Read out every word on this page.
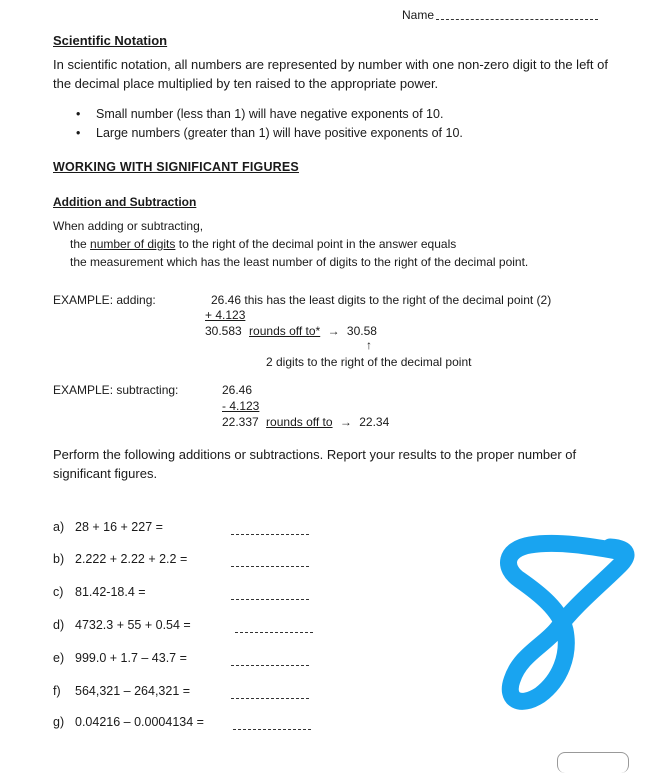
Name
Scientific Notation
In scientific notation, all numbers are represented by number with one non-zero digit to the left of the decimal place multiplied by ten raised to the appropriate power.
• Small number (less than 1) will have negative exponents of 10.
• Large numbers (greater than 1) will have positive exponents of 10.
WORKING WITH SIGNIFICANT FIGURES
Addition and Subtraction
When adding or subtracting,
the number of digits to the right of the decimal point in the answer equals
the measurement which has the least number of digits to the right of the decimal point.
EXAMPLE: adding:	26.46 this has the least digits to the right of the decimal point (2)
+ 4.123
30.583 rounds off to* → 30.58
↑
2 digits to the right of the decimal point
EXAMPLE: subtracting:	26.46
- 4.123
22.337 rounds off to → 22.34
Perform the following additions or subtractions. Report your results to the proper number of significant figures.
a) 28 + 16 + 227 =
b) 2.222 + 2.22 + 2.2 =
c) 81.42-18.4 =
d) 4732.3 + 55 + 0.54 =
e) 999.0 + 1.7 – 43.7 =
f) 564,321 – 264,321 =
g) 0.04216 – 0.0004134 =
8
